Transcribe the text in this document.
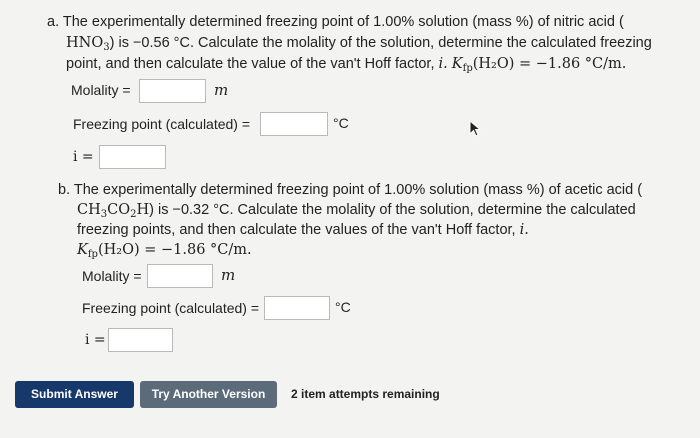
a. The experimentally determined freezing point of 1.00% solution (mass %) of nitric acid (
$HNO_3$) is −0.56 °C. Calculate the molality of the solution, determine the calculated freezing
point, and then calculate the value of the van't Hoff factor, i. $K_{fp}(H_2O) = -1.86$ °C/m.
Molality =	m
Freezing point (calculated) =	°C
i =
b. The experimentally determined freezing point of 1.00% solution (mass %) of acetic acid (
$CH_3CO_2H$) is −0.32 °C. Calculate the molality of the solution, determine the calculated
freezing points, and then calculate the values of the van't Hoff factor, i.
$K_{fp}(H_2O) = -1.86$ °C/m.
Molality =	m
Freezing point (calculated) =	°C
i =
Submit Answer	Try Another Version	2 item attempts remaining
